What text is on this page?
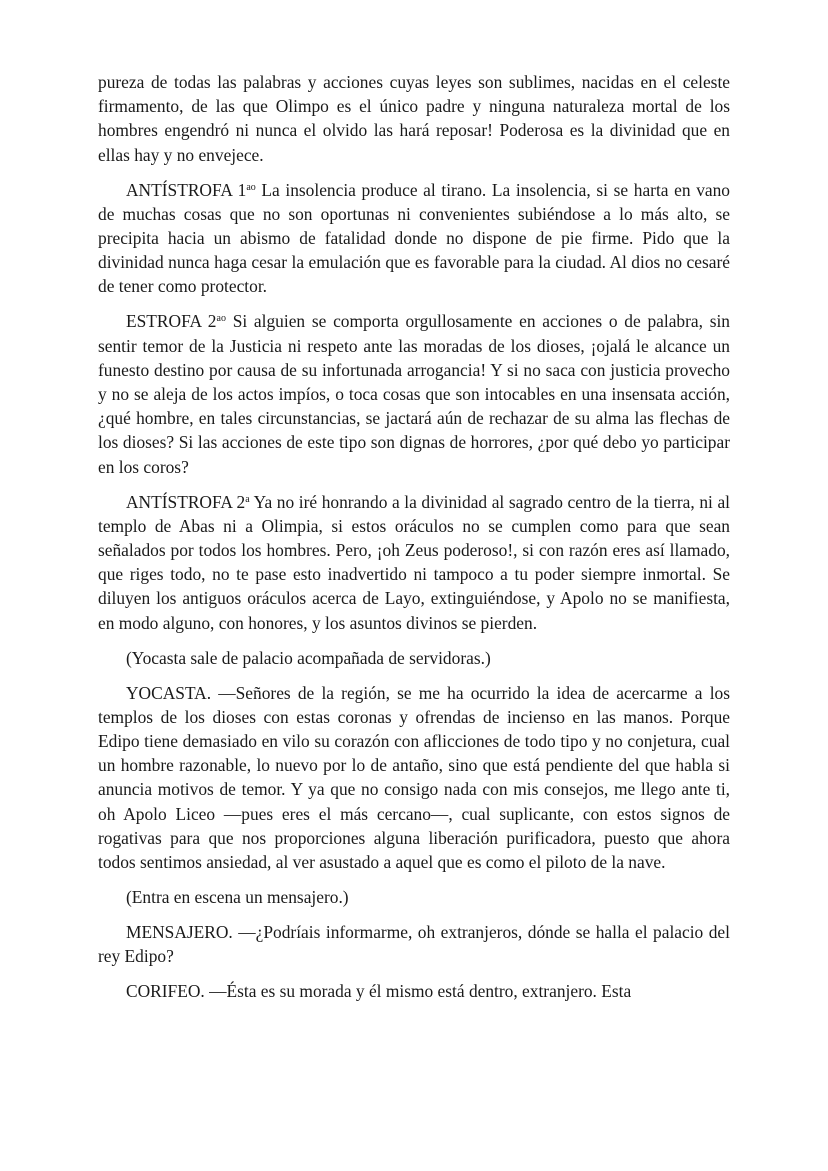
pureza de todas las palabras y acciones cuyas leyes son sublimes, nacidas en el celeste firmamento, de las que Olimpo es el único padre y ninguna naturaleza mortal de los hombres engendró ni nunca el olvido las hará reposar! Poderosa es la divinidad que en ellas hay y no envejece.

ANTÍSTROFA $1^{ao}$ La insolencia produce al tirano. La insolencia, si se harta en vano de muchas cosas que no son oportunas ni convenientes subiéndose a lo más alto, se precipita hacia un abismo de fatalidad donde no dispone de pie firme. Pido que la divinidad nunca haga cesar la emulación que es favorable para la ciudad. Al dios no cesaré de tener como protector.

ESTROFA $2^{ao}$ Si alguien se comporta orgullosamente en acciones o de palabra, sin sentir temor de la Justicia ni respeto ante las moradas de los dioses, ¡ojalá le alcance un funesto destino por causa de su infortunada arrogancia! Y si no saca con justicia provecho y no se aleja de los actos impíos, o toca cosas que son intocables en una insensata acción, ¿qué hombre, en tales circunstancias, se jactará aún de rechazar de su alma las flechas de los dioses? Si las acciones de este tipo son dignas de horrores, ¿por qué debo yo participar en los coros?

ANTÍSTROFA 2$^a$ Ya no iré honrando a la divinidad al sagrado centro de la tierra, ni al templo de Abas ni a Olimpia, si estos oráculos no se cumplen como para que sean señalados por todos los hombres. Pero, ¡oh Zeus poderoso!, si con razón eres así llamado, que riges todo, no te pase esto inadvertido ni tampoco a tu poder siempre inmortal. Se diluyen los antiguos oráculos acerca de Layo, extinguiéndose, y Apolo no se manifiesta, en modo alguno, con honores, y los asuntos divinos se pierden.

(Yocasta sale de palacio acompañada de servidoras.)

YOCASTA. —Señores de la región, se me ha ocurrido la idea de acercarme a los templos de los dioses con estas coronas y ofrendas de incienso en las manos. Porque Edipo tiene demasiado en vilo su corazón con aflicciones de todo tipo y no conjetura, cual un hombre razonable, lo nuevo por lo de antaño, sino que está pendiente del que habla si anuncia motivos de temor. Y ya que no consigo nada con mis consejos, me llego ante ti, oh Apolo Liceo —pues eres el más cercano—, cual suplicante, con estos signos de rogativas para que nos proporciones alguna liberación purificadora, puesto que ahora todos sentimos ansiedad, al ver asustado a aquel que es como el piloto de la nave.

(Entra en escena un mensajero.)

MENSAJERO. —¿Podríais informarme, oh extranjeros, dónde se halla el palacio del rey Edipo?

CORIFEO. —Ésta es su morada y él mismo está dentro, extranjero. Esta
